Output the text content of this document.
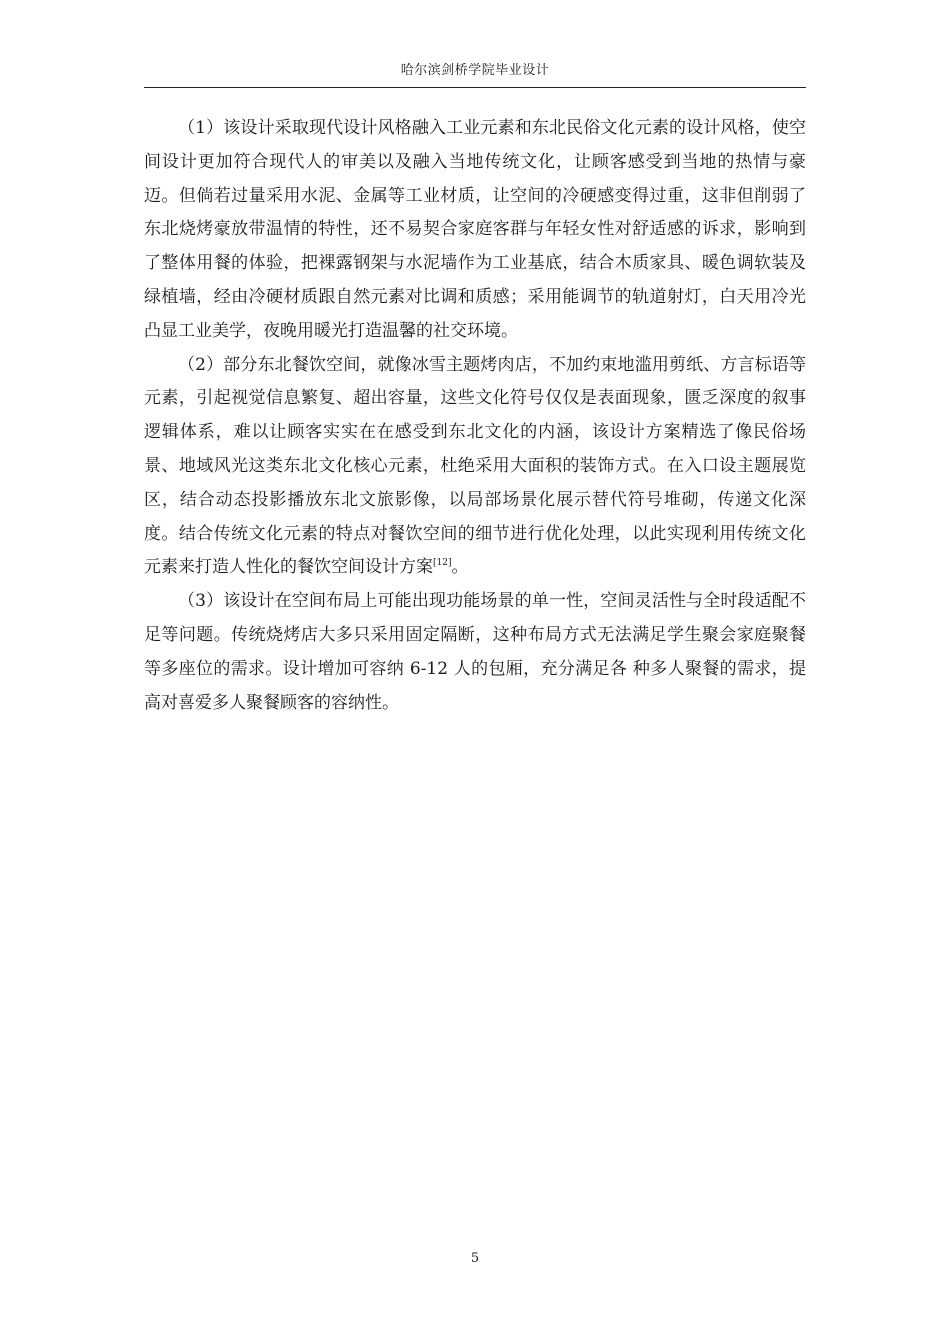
哈尔滨剑桥学院毕业设计

（1）该设计采取现代设计风格融入工业元素和东北民俗文化元素的设计风格，使空间设计更加符合现代人的审美以及融入当地传统文化，让顾客感受到当地的热情与豪迈。但倘若过量采用水泥、金属等工业材质，让空间的冷硬感变得过重，这非但削弱了东北烧烤豪放带温情的特性，还不易契合家庭客群与年轻女性对舒适感的诉求，影响到了整体用餐的体验，把裸露钢架与水泥墙作为工业基底，结合木质家具、暖色调软装及绿植墙，经由冷硬材质跟自然元素对比调和质感；采用能调节的轨道射灯，白天用冷光凸显工业美学，夜晚用暖光打造温馨的社交环境。

（2）部分东北餐饮空间，就像冰雪主题烤肉店，不加约束地滥用剪纸、方言标语等元素，引起视觉信息繁复、超出容量，这些文化符号仅仅是表面现象，匮乏深度的叙事逻辑体系，难以让顾客实实在在感受到东北文化的内涵，该设计方案精选了像民俗场景、地域风光这类东北文化核心元素，杜绝采用大面积的装饰方式。在入口设主题展览区，结合动态投影播放东北文旅影像，以局部场景化展示替代符号堆砌，传递文化深度。结合传统文化元素的特点对餐饮空间的细节进行优化处理，以此实现利用传统文化元素来打造人性化的餐饮空间设计方案[12]。

（3）该设计在空间布局上可能出现功能场景的单一性，空间灵活性与全时段适配不足等问题。传统烧烤店大多只采用固定隔断，这种布局方式无法满足学生聚会家庭聚餐等多座位的需求。设计增加可容纳 6-12 人的包厢，充分满足各 种多人聚餐的需求，提高对喜爱多人聚餐顾客的容纳性。

5
